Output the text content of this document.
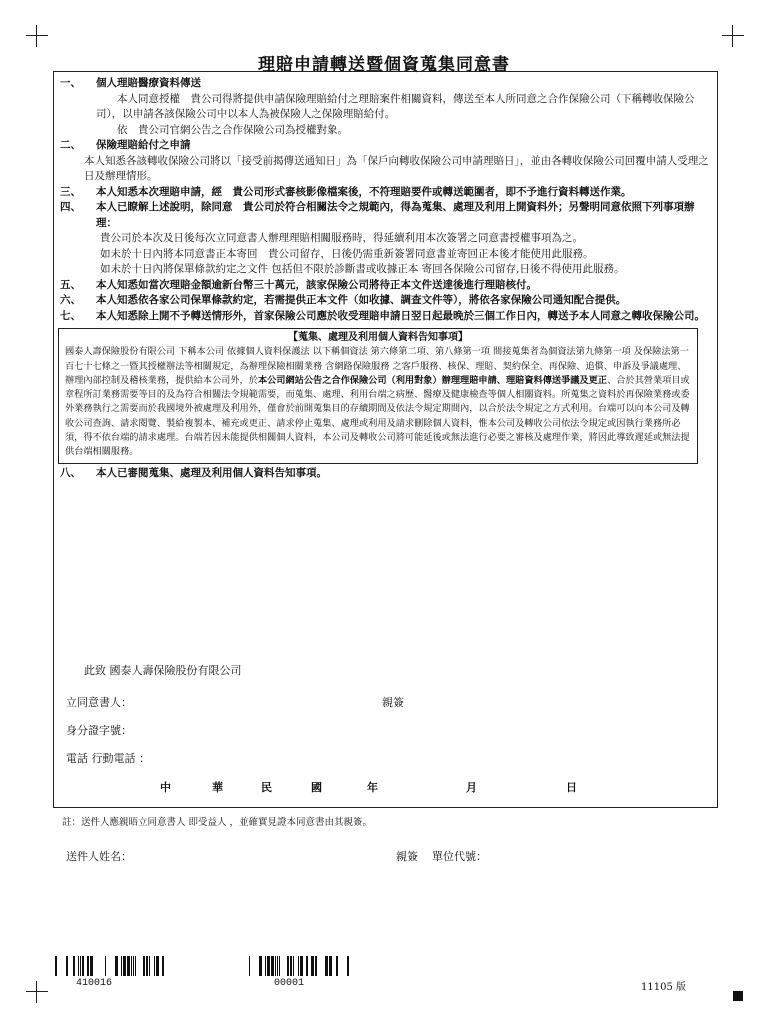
理賠申請轉送暨個資蒐集同意書
一、	個人理賠醫療資料傳送
本人同意授權　貴公司得將提供申請保險理賠給付之理賠案件相關資料，傳送至本人所同意之合作保險公司（下稱轉收保險公司），以申請各該保險公司中以本人為被保險人之保險理賠給付。
依　貴公司官網公告之合作保險公司為授權對象。
二、	保險理賠給付之申請
本人知悉各該轉收保險公司將以「接受前揭傳送通知日」為「保戶向轉收保險公司申請理賠日」，並由各轉收保險公司回覆申請人受理之日及辦理情形。
三、	本人知悉本次理賠申請，經　貴公司形式審核影像檔案後，不符理賠要件或轉送範圍者，即不予進行資料轉送作業。
四、	本人已瞭解上述說明，除同意　貴公司於符合相關法令之規範內，得為蒐集、處理及利用上開資料外；另聲明同意依照下列事項辦理：
貴公司於本次及日後每次立同意書人辦理理賠相關服務時，得延續利用本次簽署之同意書授權事項為之。
如未於十日內將本同意書正本寄回　貴公司留存，日後仍需重新簽署同意書並寄回正本後才能使用此服務。
如未於十日內將保單條款約定之文件 包括但不限於診斷書或收據正本 寄回各保險公司留存,日後不得使用此服務。
五、	本人知悉如當次理賠金額逾新台幣三十萬元，該家保險公司將待正本文件送達後進行理賠核付。
六、	本人知悉依各家公司保單條款約定，若需提供正本文件（如收據、調查文件等），將依各家保險公司通知配合提供。
七、	本人知悉除上開不予轉送情形外，首家保險公司應於收受理賠申請日翌日起最晚於三個工作日內，轉送予本人同意之轉收保險公司。
【蒐集、處理及利用個人資料告知事項】
國泰人壽保險股份有限公司 下稱本公司 依據個人資料保護法 以下稱個資法 第六條第二項、第八條第一項 間接蒐集者為個資法第九條第一項 及保險法第一百七十七條之一暨其授權辦法等相關規定，為辦理保險相關業務 含網路保險服務 之客戶服務、核保、理賠、契約保全、再保險、追償、申訴及爭議處理、辦理內部控制及稽核業務，提供給本公司外，於本公司網站公告之合作保險公司（利用對象）辦理理賠申請、理賠資料傳送爭議及更正、合於其營業項目或章程所訂業務需要等目的及為符合相關法令規範需要，而蒐集、處理、利用台端之病歷、醫療及健康檢查等個人相關資料。所蒐集之資料於再保險業務或委外業務執行之需要而於我國境外被處理及利用外，僅會於前開蒐集目的存續期間及依法令規定期間內，以合於法令規定之方式利用。台端可以向本公司及轉收公司查詢、請求閱覽、製給複製本、補充或更正、請求停止蒐集、處理或利用及請求刪除個人資料，惟本公司及轉收公司依法令規定或因執行業務所必須，得不依台端的請求處理。台端若因未能提供相關個人資料，本公司及轉收公司將可能延後或無法進行必要之審核及處理作業，將因此導致遲延或無法提供台端相關服務。
八、	本人已審閱蒐集、處理及利用個人資料告知事項。
此致 國泰人壽保險股份有限公司
立同意書人：	親簽
身分證字號：
電話 行動電話 ：
中	華	民	國	年	月	日
註：送件人應親晤立同意書人 即受益人 ，並確實見證本同意書由其親簽。
送件人姓名：	親簽 單位代號：
410016	00001	11105 版
